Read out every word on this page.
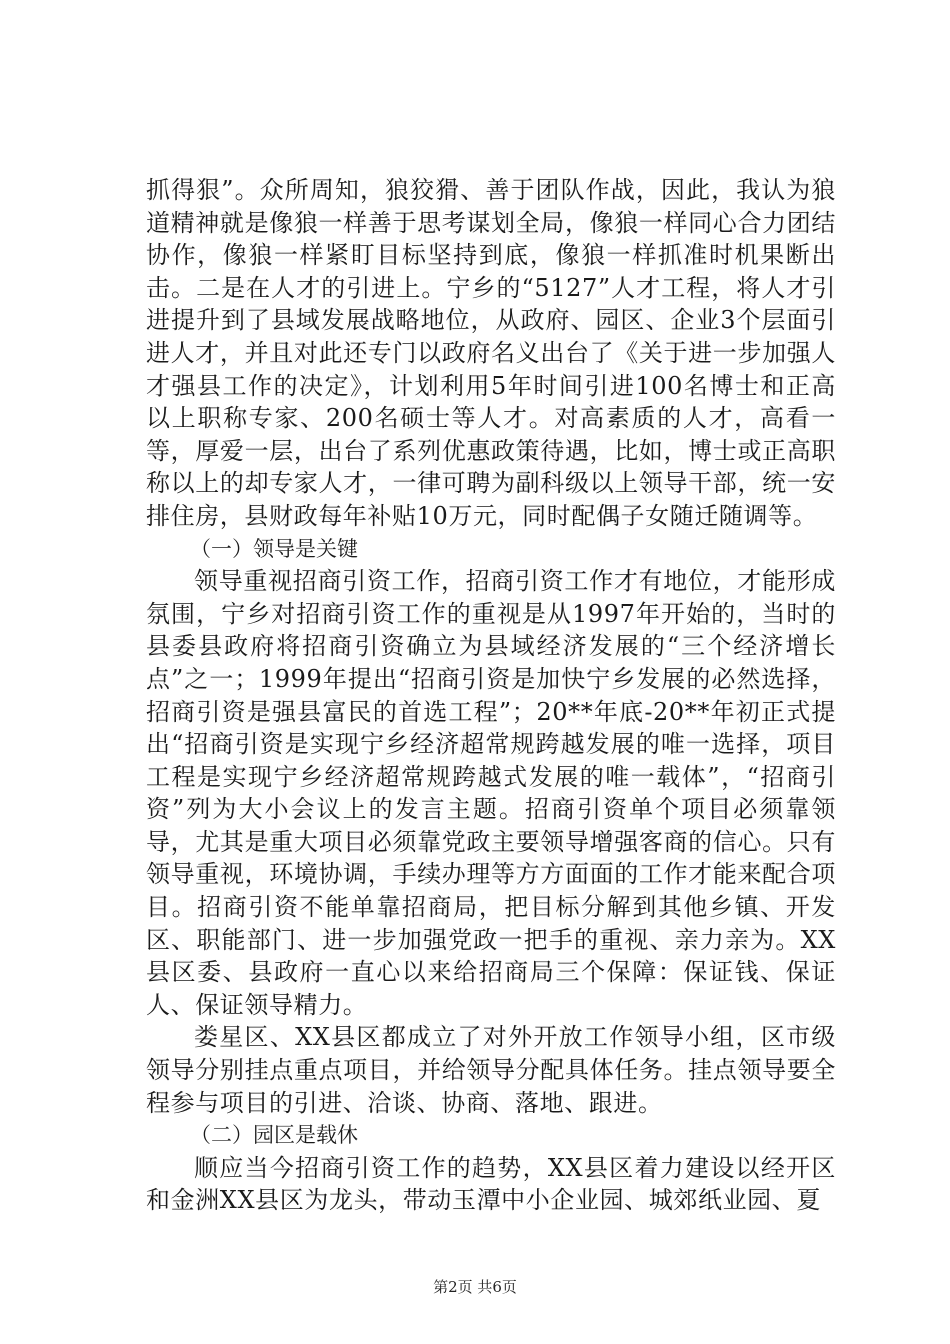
抓得狠”。众所周知，狼狡猾、善于团队作战，因此，我认为狼道精神就是像狼一样善于思考谋划全局，像狼一样同心合力团结协作，像狼一样紧盯目标坚持到底，像狼一样抓准时机果断出击。二是在人才的引进上。宁乡的“5127”人才工程，将人才引进提升到了县域发展战略地位，从政府、园区、企业3个层面引进人才，并且对此还专门以政府名义出台了《关于进一步加强人才强县工作的决定》，计划利用5年时间引进100名博士和正高以上职称专家、200名硕士等人才。对高素质的人才，高看一等，厚爱一层，出台了系列优惠政策待遇，比如，博士或正高职称以上的却专家人才，一律可聘为副科级以上领导干部，统一安排住房，县财政每年补贴10万元，同时配偶子女随迁随调等。

（一）领导是关键

领导重视招商引资工作，招商引资工作才有地位，才能形成氛围，宁乡对招商引资工作的重视是从1997年开始的，当时的县委县政府将招商引资确立为县域经济发展的“三个经济增长点”之一；1999年提出“招商引资是加快宁乡发展的必然选择，招商引资是强县富民的首选工程”；20**年底-20**年初正式提出“招商引资是实现宁乡经济超常规跨越发展的唯一选择，项目工程是实现宁乡经济超常规跨越式发展的唯一载体”，“招商引资”列为大小会议上的发言主题。招商引资单个项目必须靠领导，尤其是重大项目必须靠党政主要领导增强客商的信心。只有领导重视，环境协调，手续办理等方方面面的工作才能来配合项目。招商引资不能单靠招商局，把目标分解到其他乡镇、开发区、职能部门、进一步加强党政一把手的重视、亲力亲为。XX县区委、县政府一直心以来给招商局三个保障：保证钱、保证人、保证领导精力。

娄星区、XX县区都成立了对外开放工作领导小组，区市级领导分别挂点重点项目，并给领导分配具体任务。挂点领导要全程参与项目的引进、洽谈、协商、落地、跟进。

（二）园区是载休

顺应当今招商引资工作的趋势，XX县区着力建设以经开区和金洲XX县区为龙头，带动玉潭中小企业园、城郊纸业园、夏

第2页 共6页
